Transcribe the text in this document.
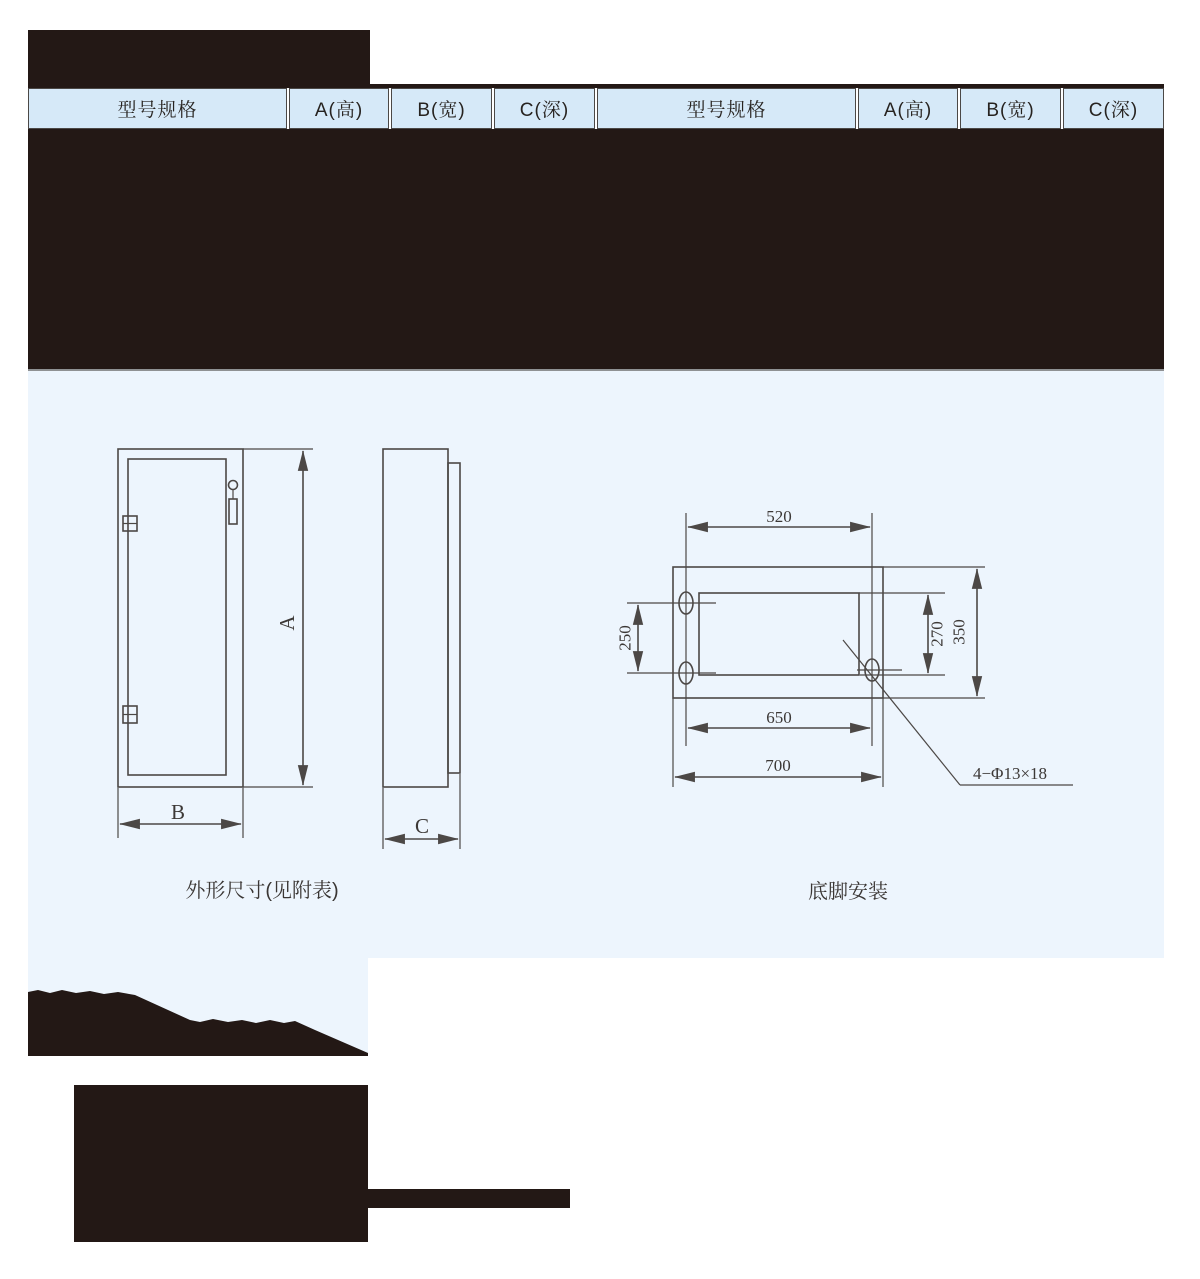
型号规格	A(高)	B(宽)	C(深)	型号规格	A(高)	B(宽)	C(深)
A
B
C
520
250	270 350
650
700	4−Φ13×18
外形尺寸(见附表)	底脚安装
